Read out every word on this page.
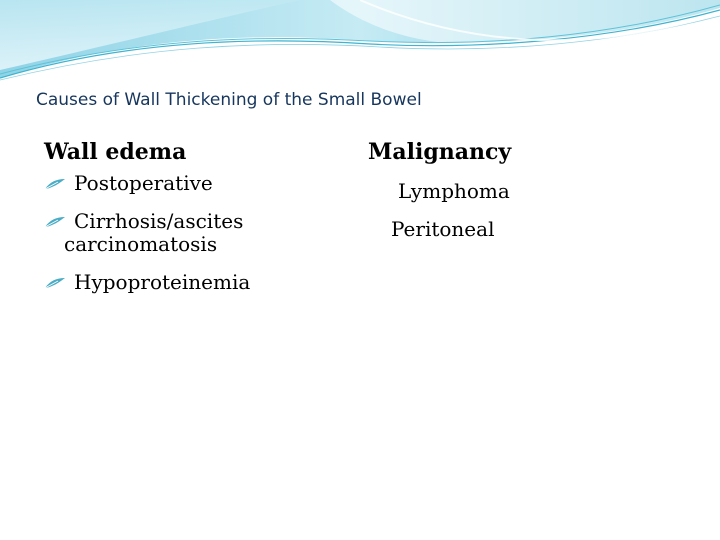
Causes of Wall Thickening of the Small Bowel

Wall edema

Postoperative
Cirrhosis/ascites
carcinomatosis
Hypoproteinemia

Malignancy

Lymphoma

Peritoneal
